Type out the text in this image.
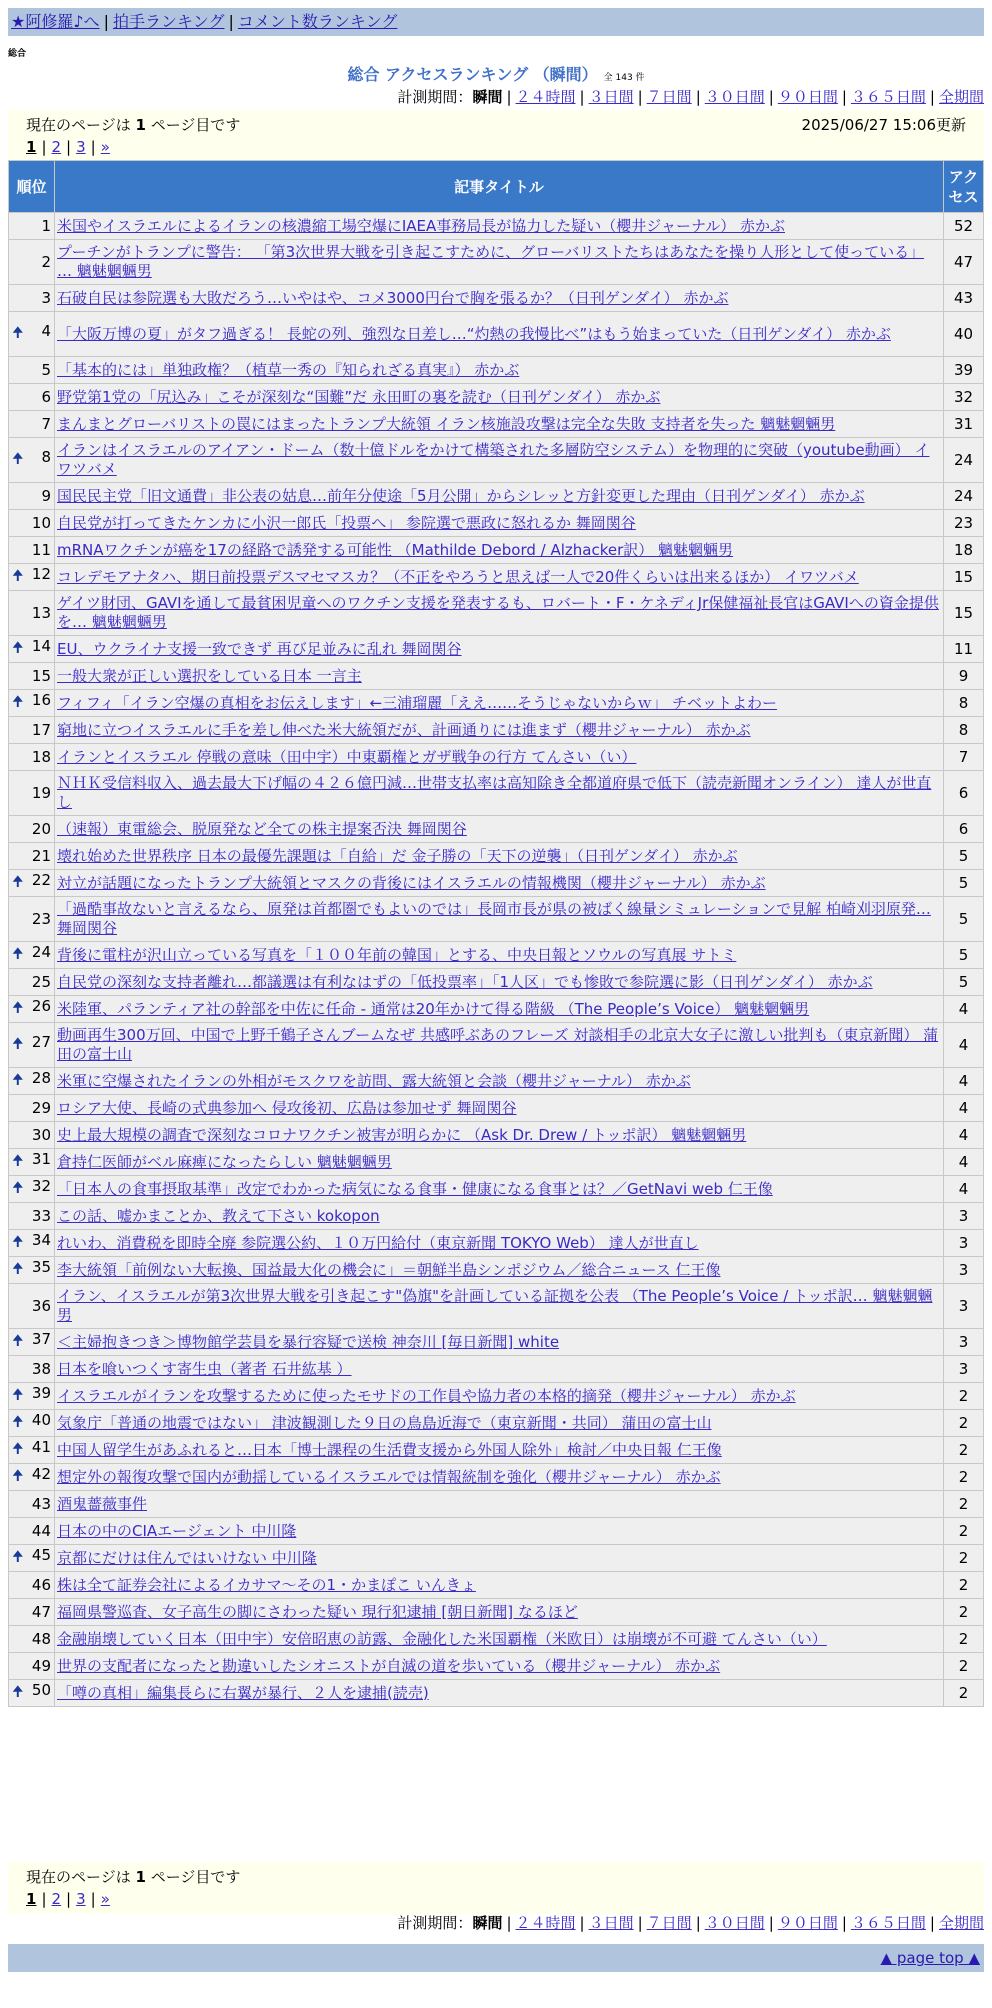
★阿修羅♪へ | 拍手ランキング | コメント数ランキング
総合
総合 アクセスランキング （瞬間） 全 143 件
計測期間：瞬間 | ２４時間 | ３日間 | ７日間 | ３０日間 | ９０日間 | ３６５日間 | 全期間
現在のページは 1 ページ目です	2025/06/27 15:06更新
1 | 2 | 3 | »
順位	記事タイトル	アクセス
1	米国やイスラエルによるイランの核濃縮工場空爆にIAEA事務局長が協力した疑い（櫻井ジャーナル） 赤かぶ	52
2	プーチンがトランプに警告： 「第3次世界大戦を引き起こすために、グローバリストたちはあなたを操り人形として使っている」 … 魑魅魍魎男	47
3	石破自民は参院選も大敗だろう…いやはや、コメ3000円台で胸を張るか？（日刊ゲンダイ） 赤かぶ	43

🠉 4	「大阪万博の夏」がタフ過ぎる！ 長蛇の列、強烈な日差し…“灼熱の我慢比べ”はもう始まっていた（日刊ゲンダイ） 赤かぶ	40
5	「基本的には」単独政権？（植草一秀の『知られざる真実』） 赤かぶ	39
6	野党第1党の「尻込み」こそが深刻な“国難”だ 永田町の裏を読む（日刊ゲンダイ） 赤かぶ	32
7	まんまとグローバリストの罠にはまったトランプ大統領 イラン核施設攻撃は完全な失敗 支持者を失った 魑魅魍魎男	31

🠉 8	イランはイスラエルのアイアン・ドーム（数十億ドルをかけて構築された多層防空システム）を物理的に突破（youtube動画） イワツバメ	24
9	国民民主党「旧文通費」非公表の姑息…前年分使途「5月公開」からシレッと方針変更した理由（日刊ゲンダイ） 赤かぶ	24
10	自民党が打ってきたケンカに小沢一郎氏「投票へ」 参院選で悪政に怒れるか 舞岡関谷	23
11	mRNAワクチンが癌を17の経路で誘発する可能性 （Mathilde Debord / Alzhacker訳） 魑魅魍魎男	18

🠉 12	コレデモアナタハ、期日前投票デスマセマスカ？（不正をやろうと思えば一人で20件くらいは出来るほか） イワツバメ	15
13	ゲイツ財団、GAVIを通して最貧困児童へのワクチン支援を発表するも、ロバート・F・ケネディJr保健福祉長官はGAVIへの資金提供を… 魑魅魍魎男	15

🠉 14	EU、ウクライナ支援一致できず 再び足並みに乱れ 舞岡関谷	11
15	一般大衆が正しい選択をしている日本 一言主	9

🠉 16	フィフィ「イラン空爆の真相をお伝えします」←三浦瑠麗「ええ……そうじゃないからｗ」 チベットよわー	8
17	窮地に立つイスラエルに手を差し伸べた米大統領だが、計画通りには進まず（櫻井ジャーナル） 赤かぶ	8
18	イランとイスラエル 停戦の意味（田中宇）中東覇権とガザ戦争の行方 てんさい（い）	7
19	ＮＨＫ受信料収入、過去最大下げ幅の４２６億円減…世帯支払率は高知除き全都道府県で低下（読売新聞オンライン） 達人が世直し	6
20	（速報）東電総会、脱原発など全ての株主提案否決 舞岡関谷	6
21	壊れ始めた世界秩序 日本の最優先課題は「自給」だ 金子勝の「天下の逆襲」（日刊ゲンダイ） 赤かぶ	5

🠉 22	対立が話題になったトランプ大統領とマスクの背後にはイスラエルの情報機関（櫻井ジャーナル） 赤かぶ	5
23	「過酷事故ないと言えるなら、原発は首都圏でもよいのでは」長岡市長が県の被ばく線量シミュレーションで見解 柏崎刈羽原発… 舞岡関谷	5

🠉 24	背後に電柱が沢山立っている写真を「１００年前の韓国」とする、中央日報とソウルの写真展 サトミ	5
25	自民党の深刻な支持者離れ…都議選は有利なはずの「低投票率」「1人区」でも惨敗で参院選に影（日刊ゲンダイ） 赤かぶ	5

🠉 26	米陸軍、パランティア社の幹部を中佐に任命 - 通常は20年かけて得る階級 （The People’s Voice） 魑魅魍魎男	4

🠉 27	動画再生300万回、中国で上野千鶴子さんブームなぜ 共感呼ぶあのフレーズ 対談相手の北京大女子に激しい批判も（東京新聞） 蒲田の富士山	4

🠉 28	米軍に空爆されたイランの外相がモスクワを訪問、露大統領と会談（櫻井ジャーナル） 赤かぶ	4
29	ロシア大使、長崎の式典参加へ 侵攻後初、広島は参加せず 舞岡関谷	4
30	史上最大規模の調査で深刻なコロナワクチン被害が明らかに （Ask Dr. Drew / トッポ訳） 魑魅魍魎男	4

🠉 31	倉持仁医師がベル麻痺になったらしい 魑魅魍魎男	4

🠉 32	「日本人の食事摂取基準」改定でわかった病気になる食事・健康になる食事とは？／GetNavi web 仁王像	4
33	この話、嘘かまことか、教えて下さい kokopon	3

🠉 34	れいわ、消費税を即時全廃 参院選公約、１０万円給付（東京新聞 TOKYO Web） 達人が世直し	3

🠉 35	李大統領「前例ない大転換、国益最大化の機会に」＝朝鮮半島シンポジウム／総合ニュース 仁王像	3
36	イラン、イスラエルが第3次世界大戦を引き起こす"偽旗"を計画している証拠を公表 （The People’s Voice / トッポ訳… 魑魅魍魎男	3

🠉 37	＜主婦抱きつき＞博物館学芸員を暴行容疑で送検 神奈川 [毎日新聞] white	3
38	日本を喰いつくす寄生虫（著者 石井紘基 ）	3

🠉 39	イスラエルがイランを攻撃するために使ったモサドの工作員や協力者の本格的摘発（櫻井ジャーナル） 赤かぶ	2

🠉 40	気象庁「普通の地震ではない」 津波観測した９日の鳥島近海で（東京新聞・共同） 蒲田の富士山	2

🠉 41	中国人留学生があふれると…日本「博士課程の生活費支援から外国人除外」検討／中央日報 仁王像	2

🠉 42	想定外の報復攻撃で国内が動揺しているイスラエルでは情報統制を強化（櫻井ジャーナル） 赤かぶ	2
43	酒鬼薔薇事件	2
44	日本の中のCIAエージェント 中川隆	2

🠉 45	京都にだけは住んではいけない 中川隆	2
46	株は全て証券会社によるイカサマ〜その1・かまぽこ いんきょ	2
47	福岡県警巡査、女子高生の脚にさわった疑い 現行犯逮捕 [朝日新聞] なるほど	2
48	金融崩壊していく日本（田中宇）安倍昭恵の訪露、金融化した米国覇権（米欧日）は崩壊が不可避 てんさい（い）	2
49	世界の支配者になったと勘違いしたシオニストが自滅の道を歩いている（櫻井ジャーナル） 赤かぶ	2

🠉 50	「噂の真相」編集長らに右翼が暴行、２人を逮捕(読売)	2
現在のページは 1 ページ目です
1 | 2 | 3 | »
計測期間：瞬間 | ２４時間 | ３日間 | ７日間 | ３０日間 | ９０日間 | ３６５日間 | 全期間
▲ page top ▲
